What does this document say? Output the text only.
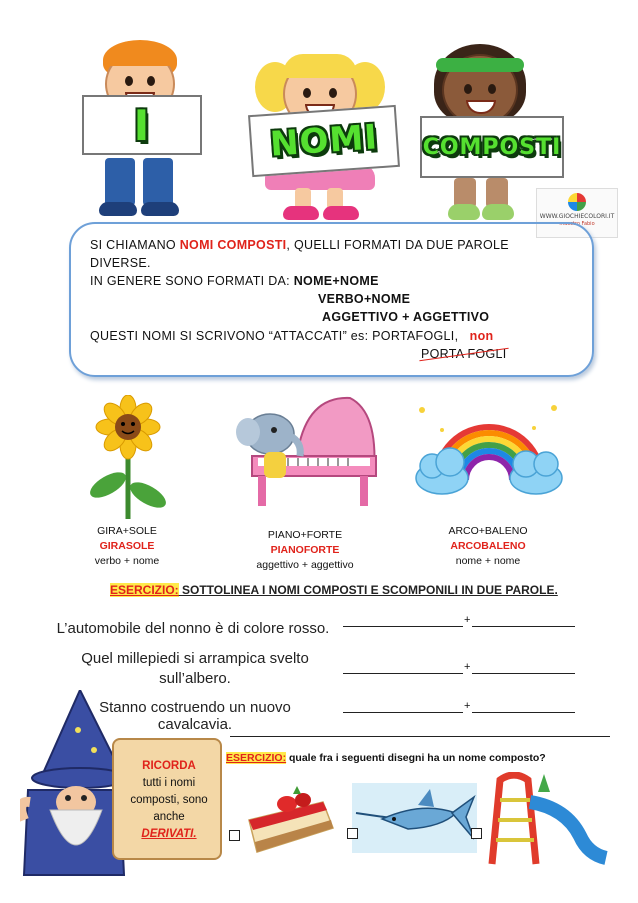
I	NOMI COMPOSTI
WWW.GIOCHIECOLORI.IT
maestro Fabio
SI CHIAMANO NOMI COMPOSTI, QUELLI FORMATI DA DUE PAROLE
DIVERSE.
IN GENERE SONO FORMATI DA: NOME+NOME
VERBO+NOME
AGGETTIVO + AGGETTIVO
QUESTI NOMI SI SCRIVONO “ATTACCATI” es: PORTAFOGLI, non
PORTA FOGLI
GIRA+SOLE
GIRASOLE
verbo + nome
PIANO+FORTE
PIANOFORTE
aggettivo + aggettivo
ARCO+BALENO
ARCOBALENO
nome + nome
ESERCIZIO: SOTTOLINEA I NOMI COMPOSTI E SCOMPONILI IN DUE PAROLE.
L’automobile del nonno è di colore rosso.	+
Quel millepiedi si arrampica svelto
sull’albero.
+
Stanno costruendo un nuovo cavalcavia.
+
RICORDA
tutti i nomi
composti, sono
anche
DERIVATI.
ESERCIZIO: quale fra i seguenti disegni ha un nome composto?
